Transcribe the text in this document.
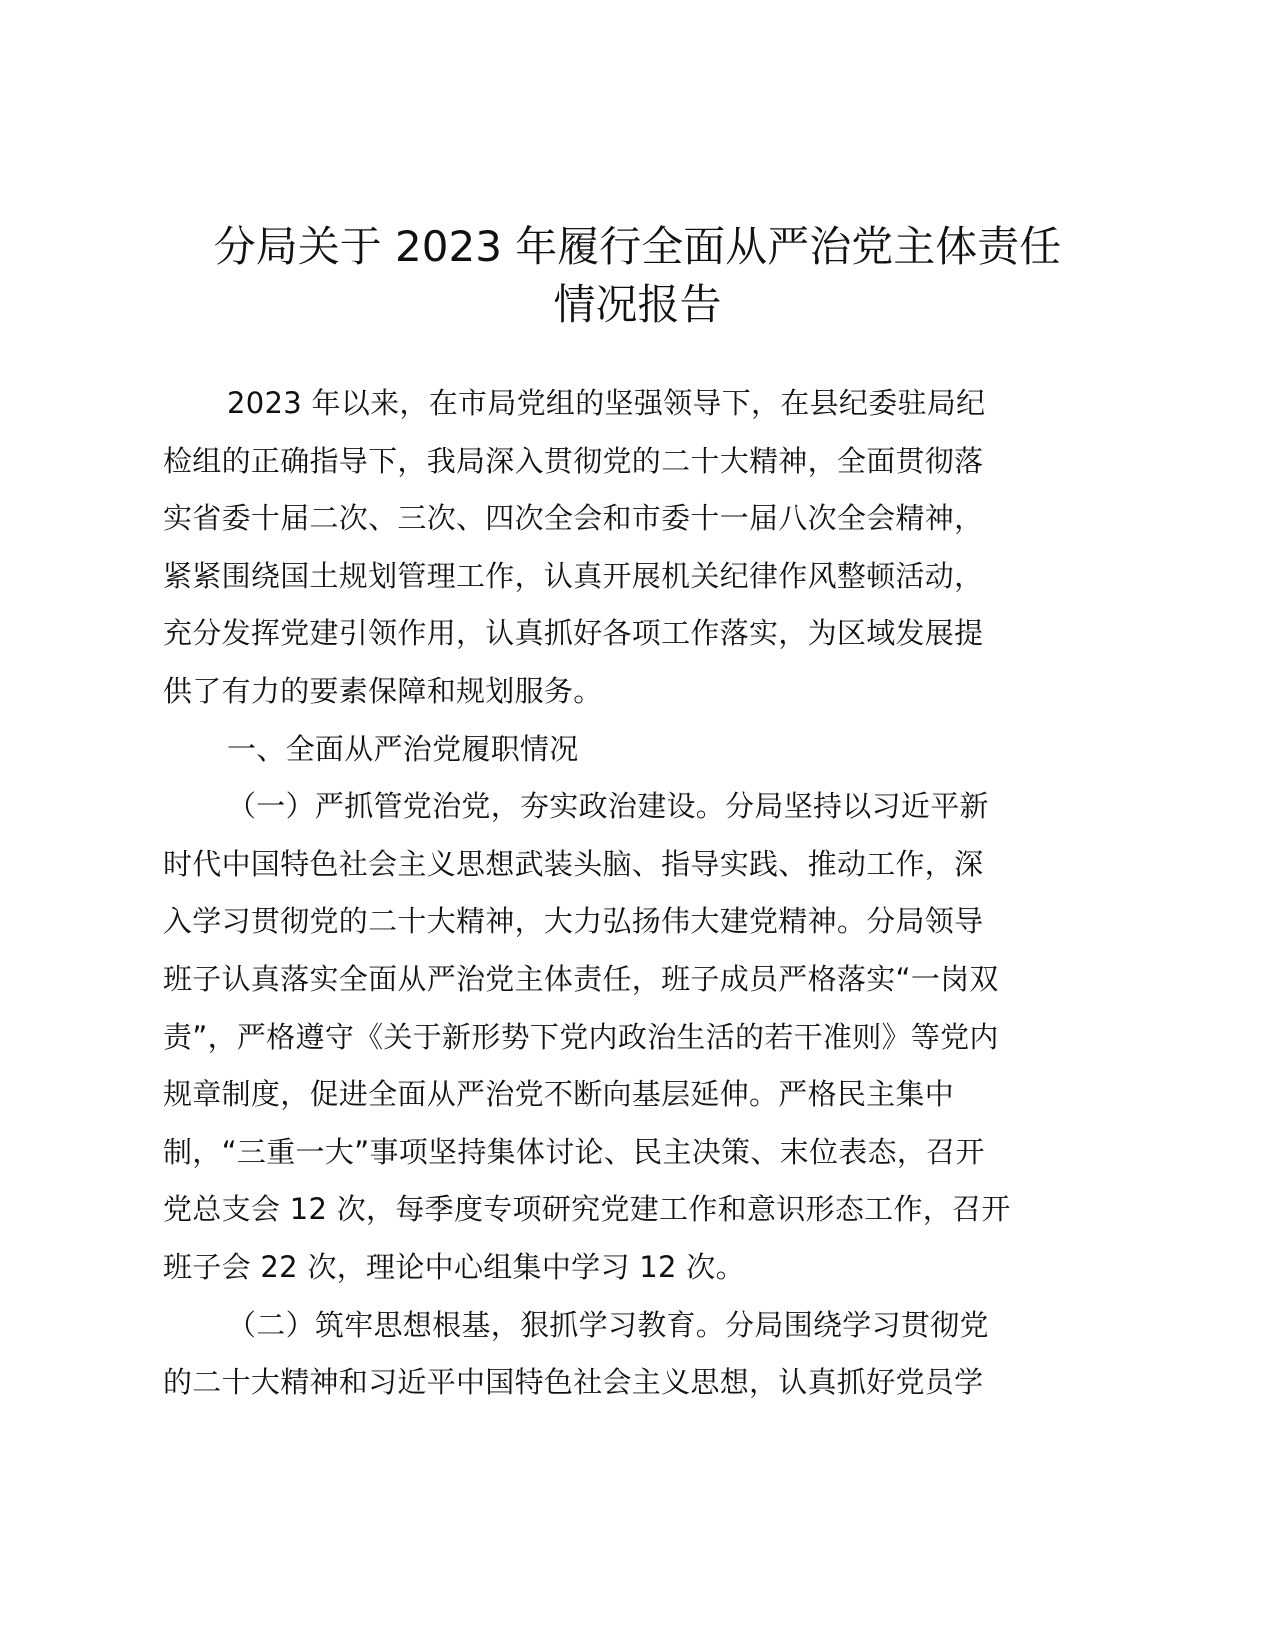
分局关于 2023 年履行全面从严治党主体责任
情况报告

2023 年以来，在市局党组的坚强领导下，在县纪委驻局纪
检组的正确指导下，我局深入贯彻党的二十大精神，全面贯彻落
实省委十届二次、三次、四次全会和市委十一届八次全会精神，
紧紧围绕国土规划管理工作，认真开展机关纪律作风整顿活动，
充分发挥党建引领作用，认真抓好各项工作落实，为区域发展提
供了有力的要素保障和规划服务。

一、全面从严治党履职情况

（一）严抓管党治党，夯实政治建设。分局坚持以习近平新
时代中国特色社会主义思想武装头脑、指导实践、推动工作，深
入学习贯彻党的二十大精神，大力弘扬伟大建党精神。分局领导
班子认真落实全面从严治党主体责任，班子成员严格落实“一岗双
责”，严格遵守《关于新形势下党内政治生活的若干准则》等党内
规章制度，促进全面从严治党不断向基层延伸。严格民主集中
制，“三重一大”事项坚持集体讨论、民主决策、末位表态，召开
党总支会 12 次，每季度专项研究党建工作和意识形态工作，召开
班子会 22 次，理论中心组集中学习 12 次。

（二）筑牢思想根基，狠抓学习教育。分局围绕学习贯彻党
的二十大精神和习近平中国特色社会主义思想，认真抓好党员学
